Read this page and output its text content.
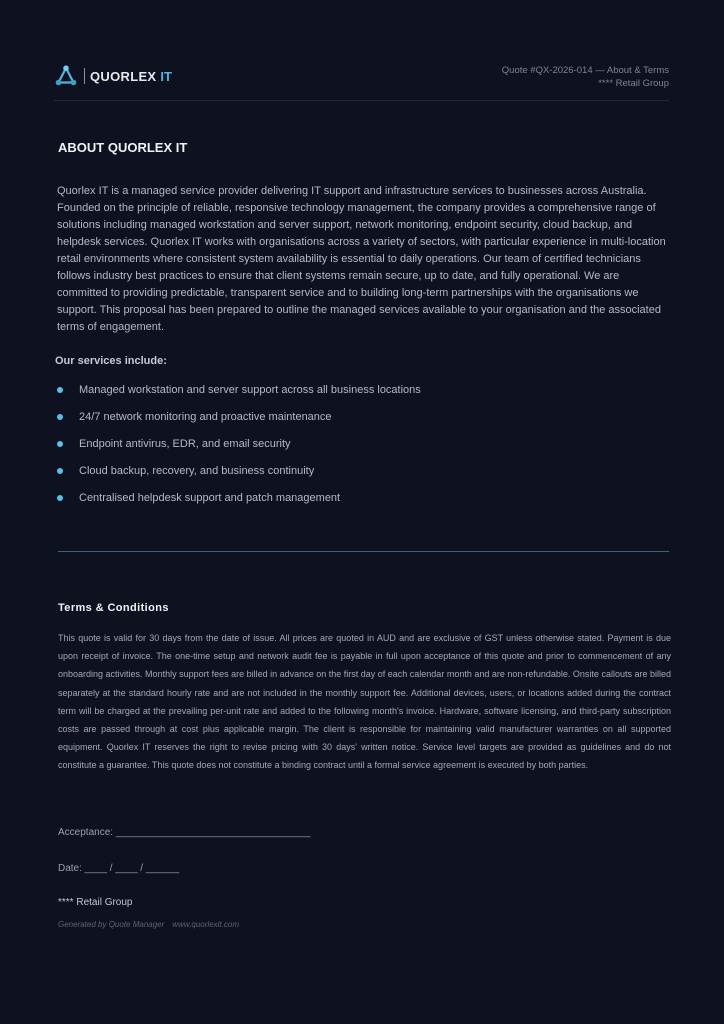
QUORLEX IT	Quote #QX-2026-014 — About & Terms
**** Retail Group
ABOUT QUORLEX IT

Quorlex IT is a managed service provider delivering IT support and infrastructure services to businesses across Australia. Founded on the principle of reliable, responsive technology management, the company provides a comprehensive range of solutions including managed workstation and server support, network monitoring, endpoint security, cloud backup, and helpdesk services. Quorlex IT works with organisations across a variety of sectors, with particular experience in multi-location retail environments where consistent system availability is essential to daily operations. Our team of certified technicians follows industry best practices to ensure that client systems remain secure, up to date, and fully operational. We are committed to providing predictable, transparent service and to building long-term partnerships with the organisations we support. This proposal has been prepared to outline the managed services available to your organisation and the associated terms of engagement.

Our services include:
Managed workstation and server support across all business locations
24/7 network monitoring and proactive maintenance
Endpoint antivirus, EDR, and email security
Cloud backup, recovery, and business continuity
Centralised helpdesk support and patch management
Terms & Conditions

This quote is valid for 30 days from the date of issue. All prices are quoted in AUD and are exclusive of GST unless otherwise stated. Payment is due upon receipt of invoice. The one-time setup and network audit fee is payable in full upon acceptance of this quote and prior to commencement of any onboarding activities. Monthly support fees are billed in advance on the first day of each calendar month and are non-refundable. Onsite callouts are billed separately at the standard hourly rate and are not included in the monthly support fee. Additional devices, users, or locations added during the contract term will be charged at the prevailing per-unit rate and added to the following month's invoice. Hardware, software licensing, and third-party subscription costs are passed through at cost plus applicable margin. The client is responsible for maintaining valid manufacturer warranties on all supported equipment. Quorlex IT reserves the right to revise pricing with 30 days' written notice. Service level targets are provided as guidelines and do not constitute a guarantee. This quote does not constitute a binding contract until a formal service agreement is executed by both parties.

Acceptance: ___________________________________
Date: ____ / ____ / ______
**** Retail Group
Generated by Quote Manager www.quorlexit.com
